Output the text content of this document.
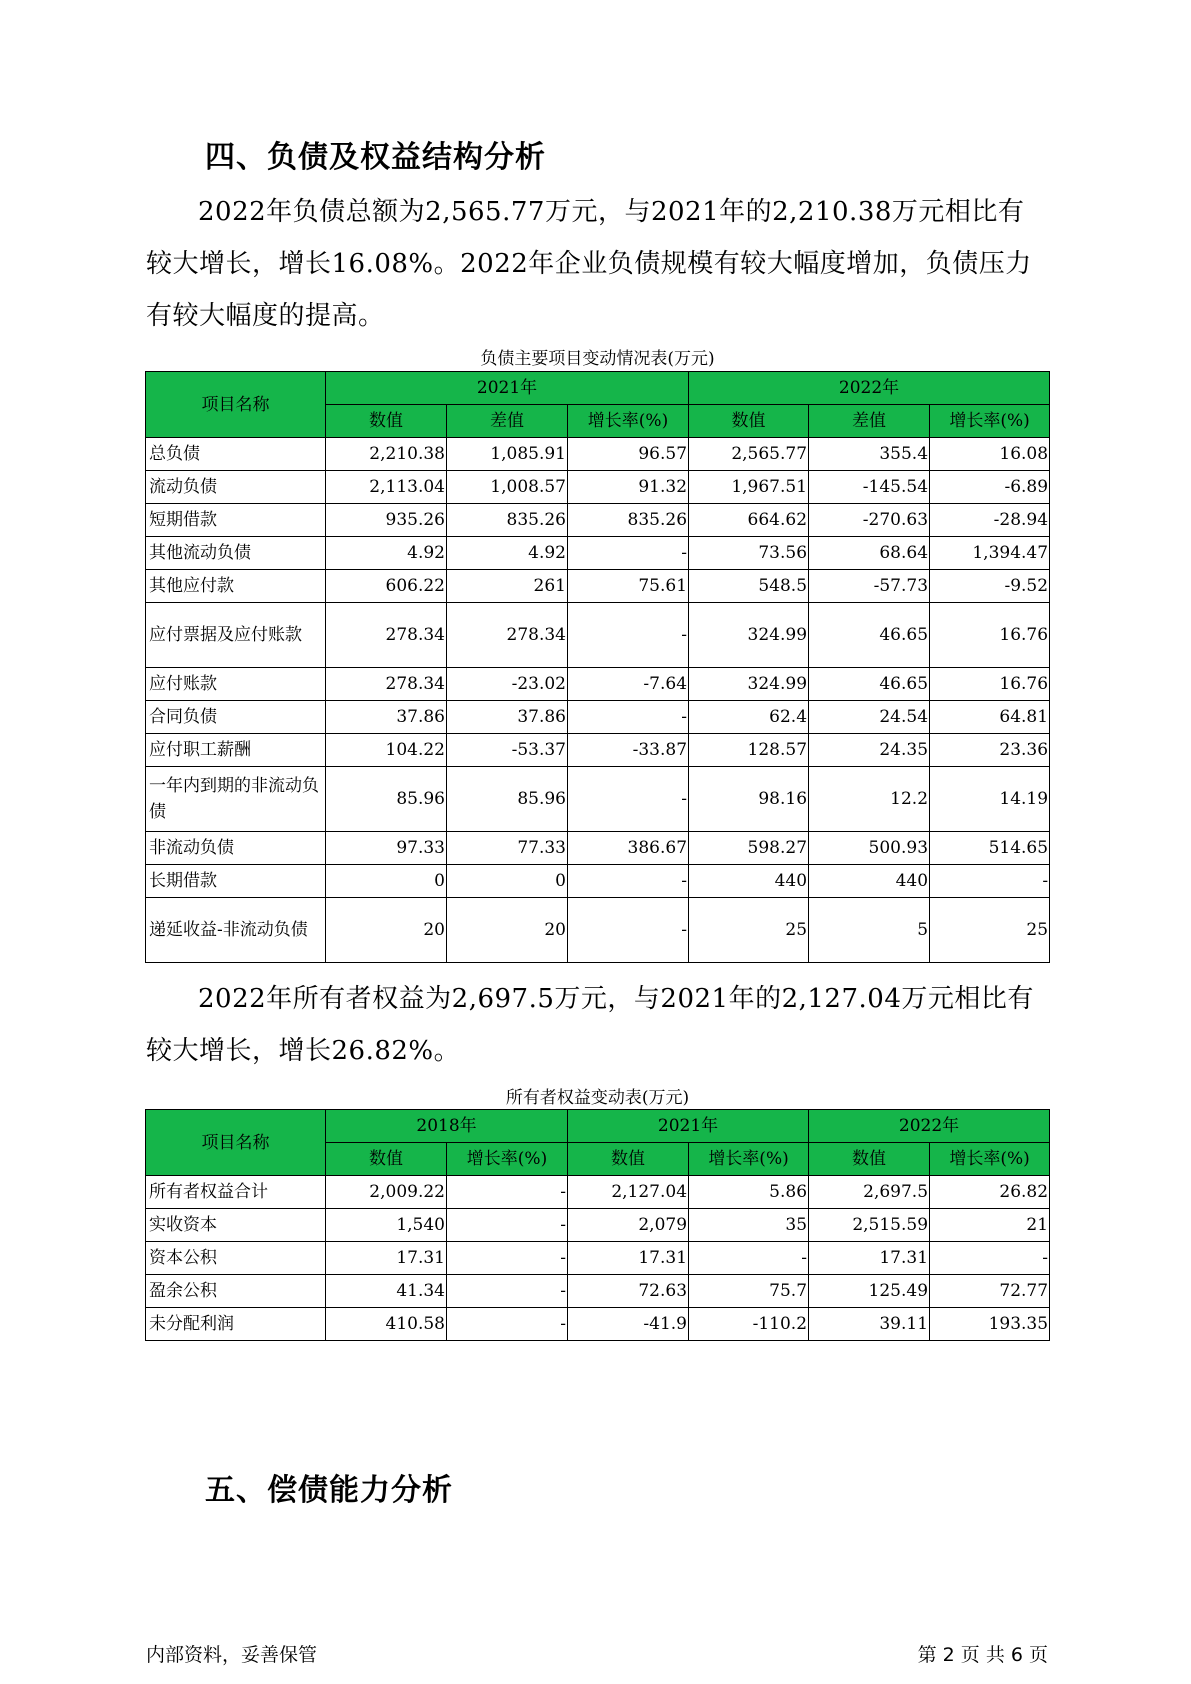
四、负债及权益结构分析
2022年负债总额为2,565.77万元，与2021年的2,210.38万元相比有较大增长，增长16.08%。2022年企业负债规模有较大幅度增加，负债压力有较大幅度的提高。
负债主要项目变动情况表(万元)
项目名称	2021年			2022年		
	数值	差值	增长率(%)	数值	差值	增长率(%)
总负债	2,210.38	1,085.91	96.57	2,565.77	355.4	16.08
流动负债	2,113.04	1,008.57	91.32	1,967.51	-145.54	-6.89
短期借款	935.26	835.26	835.26	664.62	-270.63	-28.94
其他流动负债	4.92	4.92	-	73.56	68.64	1,394.47
其他应付款	606.22	261	75.61	548.5	-57.73	-9.52
应付票据及应付账款	278.34	278.34	-	324.99	46.65	16.76
应付账款	278.34	-23.02	-7.64	324.99	46.65	16.76
合同负债	37.86	37.86	-	62.4	24.54	64.81
应付职工薪酬	104.22	-53.37	-33.87	128.57	24.35	23.36
一年内到期的非流动负债	85.96	85.96	-	98.16	12.2	14.19
非流动负债	97.33	77.33	386.67	598.27	500.93	514.65
长期借款	0	0	-	440	440	-
递延收益-非流动负债	20	20	-	25	5	25
2022年所有者权益为2,697.5万元，与2021年的2,127.04万元相比有较大增长，增长26.82%。
所有者权益变动表(万元)
项目名称	2018年		2021年		2022年	
	数值	增长率(%)	数值	增长率(%)	数值	增长率(%)
所有者权益合计	2,009.22	-	2,127.04	5.86	2,697.5	26.82
实收资本	1,540	-	2,079	35	2,515.59	21
资本公积	17.31	-	17.31	-	17.31	-
盈余公积	41.34	-	72.63	75.7	125.49	72.77
未分配利润	410.58	-	-41.9	-110.2	39.11	193.35
五、偿债能力分析
内部资料，妥善保管	第 2 页 共 6 页
